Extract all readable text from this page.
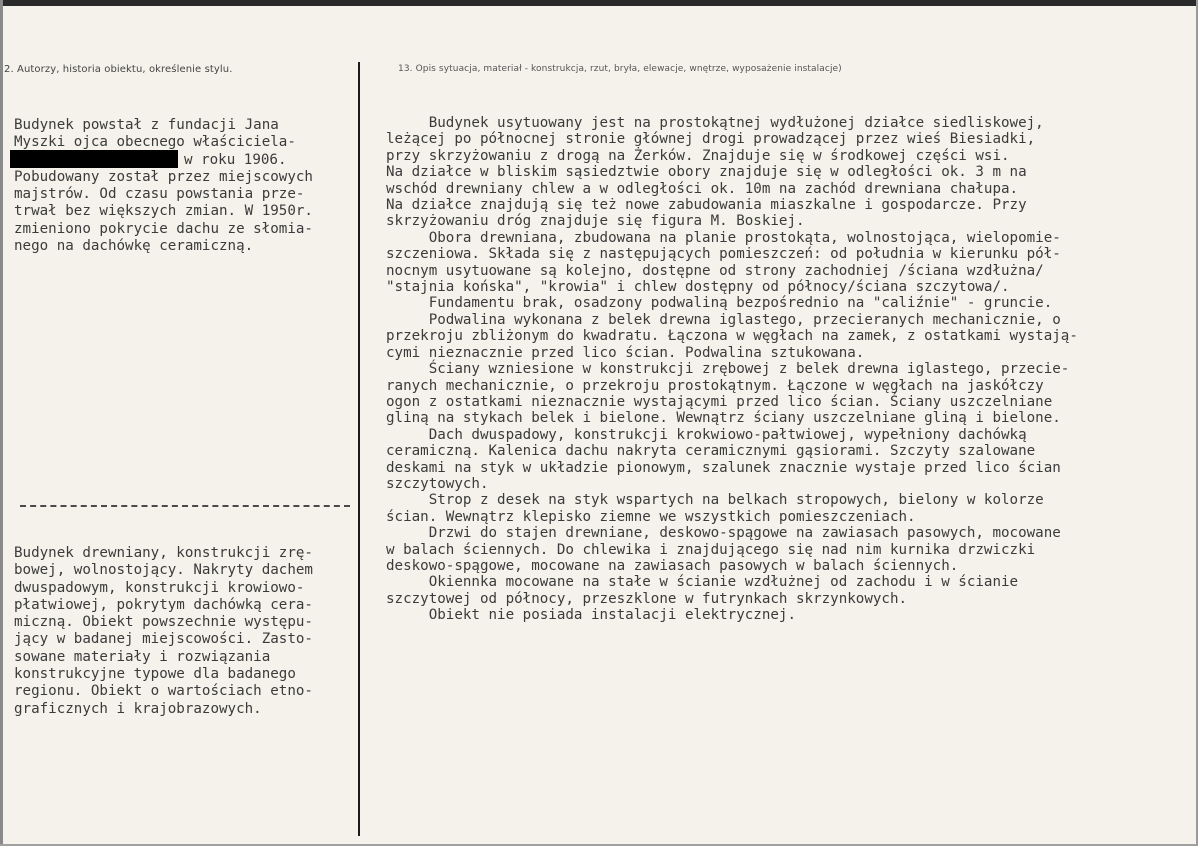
2. Autorzy, historia obiektu, określenie stylu.	13. Opis sytuacja, materiał - konstrukcja, rzut, bryła, elewacje, wnętrze, wyposażenie instalacje)
Budynek powstał z fundacji Jana
Myszki ojca obecnego właściciela-
w roku 1906.
Pobudowany został przez miejscowych
majstrów. Od czasu powstania prze-
trwał bez większych zmian. W 1950r.
zmieniono pokrycie dachu ze słomia-
nego na dachówkę ceramiczną.
Budynek drewniany, konstrukcji zrę-
bowej, wolnostojący. Nakryty dachem
dwuspadowym, konstrukcji krowiowo-
płatwiowej, pokrytym dachówką cera-
miczną. Obiekt powszechnie występu-
jący w badanej miejscowości. Zasto-
sowane materiały i rozwiązania
konstrukcyjne typowe dla badanego
regionu. Obiekt o wartościach etno-
graficznych i krajobrazowych.
Budynek usytuowany jest na prostokątnej wydłużonej działce siedliskowej,
leżącej po północnej stronie głównej drogi prowadzącej przez wieś Biesiadki,
przy skrzyżowaniu z drogą na Żerków. Znajduje się w środkowej części wsi.
Na działce w bliskim sąsiedztwie obory znajduje się w odległości ok. 3 m na
wschód drewniany chlew a w odległości ok. 10m na zachód drewniana chałupa.
Na działce znajdują się też nowe zabudowania miaszkalne i gospodarcze. Przy
skrzyżowaniu dróg znajduje się figura M. Boskiej.
Obora drewniana, zbudowana na planie prostokąta, wolnostojąca, wielopomie-
szczeniowa. Składa się z następujących pomieszczeń: od południa w kierunku pół-
nocnym usytuowane są kolejno, dostępne od strony zachodniej /ściana wzdłużna/
"stajnia końska", "krowia" i chlew dostępny od północy/ściana szczytowa/.
Fundamentu brak, osadzony podwaliną bezpośrednio na "caliźnie" - gruncie.
Podwalina wykonana z belek drewna iglastego, przecieranych mechanicznie, o
przekroju zbliżonym do kwadratu. Łączona w węgłach na zamek, z ostatkami wystają-
cymi nieznacznie przed lico ścian. Podwalina sztukowana.
Ściany wzniesione w konstrukcji zrębowej z belek drewna iglastego, przecie-
ranych mechanicznie, o przekroju prostokątnym. Łączone w węgłach na jaskółczy
ogon z ostatkami nieznacznie wystającymi przed lico ścian. Ściany uszczelniane
gliną na stykach belek i bielone. Wewnątrz ściany uszczelniane gliną i bielone.
Dach dwuspadowy, konstrukcji krokwiowo-pałtwiowej, wypełniony dachówką
ceramiczną. Kalenica dachu nakryta ceramicznymi gąsiorami. Szczyty szalowane
deskami na styk w układzie pionowym, szalunek znacznie wystaje przed lico ścian
szczytowych.
Strop z desek na styk wspartych na belkach stropowych, bielony w kolorze
ścian. Wewnątrz klepisko ziemne we wszystkich pomieszczeniach.
Drzwi do stajen drewniane, deskowo-spągowe na zawiasach pasowych, mocowane
w balach ściennych. Do chlewika i znajdującego się nad nim kurnika drzwiczki
deskowo-spągowe, mocowane na zawiasach pasowych w balach ściennych.
Okiennka mocowane na stałe w ścianie wzdłużnej od zachodu i w ścianie
szczytowej od północy, przeszklone w futrynkach skrzynkowych.
Obiekt nie posiada instalacji elektrycznej.
